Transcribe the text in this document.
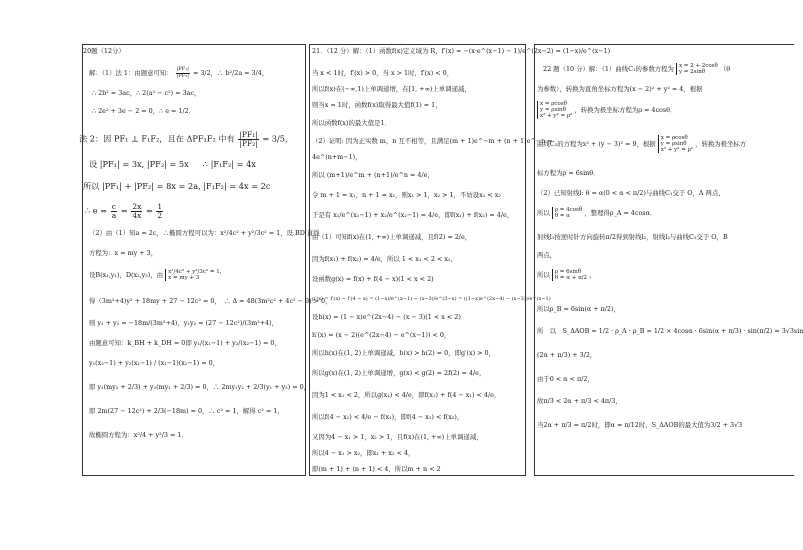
20题（12分）
解：（1）法 1：由题意可知： $\frac{\text{|PF₁|}}{\text{|PF₂|}} = 3/2$，∴ b²/2a = 3/4，
∴ 2b² = 3ac，∴ 2(a² − c²) = 3ac，
∴ 2e² + 3e − 2 = 0，∴ e = 1/2．
法 2：因 PF₁ ⊥ F₁F₂，且在 ΔPF₁F₂ 中有 $\frac{\text{|PF₁|}}{\text{|PF₂|}} = 3/5$，
设 |PF₁| = 3x, |PF₂| = 5x ∴ |F₁F₂| = 4x
所以 |PF₁| + |PF₂| = 8x = 2a, |F₁F₂| = 4x = 2c
∴ $e = \frac{c}{a} = \frac{2x}{4x} = \frac{1}{2}$
（2）由（1）知a = 2c，∴椭圆方程可以为：x²/4c² + y²/3c² = 1，设 BD 直线
方程为：x = my + 3，
设B(x₁,y₁)，D(x₂,y₂)，由 x²/4c² + y²/3c² = 1，
x = my + 3
得（3m²+4)y² + 18my + 27 − 12c² = 0，　∴ Δ = 48(3m²c² + 4c² − 9) > 0，
则 y₁ + y₂ = −18m/(3m²+4)，y₁y₂ = (27 − 12c²)/(3m²+4)，
由题意可知：k_BH + k_DH = 0即 y₁/(x₁−1) + y₂/(x₂−1) = 0，
y₁(x₂−1) + y₂(x₁−1) / (x₁−1)(x₂−1) = 0，
即 y₁(my₂ + 2/3) + y₂(my₁ + 2/3) = 0，∴ 2my₁y₂ + 2/3(y₁ + y₂) = 0，
即 2m(27 − 12c²) + 2/3(−18m) = 0，∴ c² = 1，解得 c² = 1，
故椭圆方程为：x²/4 + y²/3 = 1．
21．（12 分）解：（1）函数f(x)定义域为 R，f′(x) = −(x·e^(x−1) − 1)/e^(2x−2) = (1−x)/e^(x−1)
当 x < 1时，f′(x) > 0，当 x > 1时，f′(x) < 0，
所以f(x)在(−∞,1)上单调递增，在[1, +∞)上单调递减，
则当x = 1时，函数f(x)取得最大值f(1) = 1，
所以函数f(x)的最大值是1．
（2）证明: 因为正实数 m，n 互不相等，且满足(m + 1)e^−m + (n + 1)e^−n =
4e^(n+m−1)，
所以 (m+1)/e^m + (n+1)/e^n = 4/e，
令 m + 1 = x₁，n + 1 = x₂，则x₁ > 1，x₂ > 1，不妨设x₁ < x₂
于是有 x₁/e^(x₁−1) + x₂/e^(x₂−1) = 4/e，即f(x₁) + f(x₂) = 4/e，
由（1）可知f(x)在(1, +∞)上单调递减，且f(2) = 2/e，
因为f(x₁) + f(x₂) = 4/e，所以 1 < x₁ < 2 < x₂，
设函数g(x) = f(x) + f(4 − x)(1 < x < 2)
g′(x) = f′(x) − f′(4 − x) = (1−x)/e^(x−1) − (x−3)/e^(3−x) = ((1−x)e^(2x−4) − (x−3))/e^(x−1)
设h(x) = (1 − x)e^(2x−4) − (x − 3)(1 < x < 2)
h′(x) = (x − 2)(e^(2x−4) − e^(x−1)) < 0，
所以h(x)在(1, 2)上单调递减，h(x) > h(2) = 0，即g′(x) > 0，
所以g(x)在(1, 2)上单调递增，g(x) < g(2) = 2f(2) = 4/e，
因为1 < x₁ < 2，所以g(x₁) < 4/e，即f(x₁) + f(4 − x₁) < 4/e，
所以f(4 − x₁) < 4/e − f(x₁)，即f(4 − x₁) < f(x₂)，
又因为4 − x₁ > 1，x₂ > 1，且f(x)在(1, +∞)上单调递减，
所以4 − x₁ > x₂，即x₁ + x₂ < 4，
即(m + 1) + (n + 1) < 4，所以m + n < 2
22 题（10 分）解：（1）曲线C₁的参数方程为 x = 2 + 2cosθ
y = 2sinθ	（θ
为参数），转换为直角坐标方程为(x − 2)² + y² = 4，根据
x = ρcosθ
y = ρsinθ
x² + y² = ρ²
，转换为极坐标方程为ρ = 4cosθ．
曲线C₂的方程为x² + (y − 3)² = 9，根据
x = ρcosθ
y = ρsinθ
x² + y² = ρ²
，转换为极坐标方
标方程为ρ = 6sinθ．
（2）已知射线l: θ = α(0 < α < π/2)与曲线C₁交于 O，A 两点，
所以 ρ = 4cosθ
θ = α	，整理得ρ_A = 4cosα．
射线l₁按逆时针方向旋转π/2得到射线l₂，射线l₂与曲线C₂交于 O，B
两点，
所以 ρ = 6sinθ
θ = α + π/2 ，
所以ρ_B = 6sin(α + π/2)，
所　以　S_ΔAOB = 1/2 · ρ_A · ρ_B = 1/2 × 4cosα · 6sin(α + π/3) · sin(π/2) = 3√3sin
(2α + π/3) + 3/2，
由于0 < α < π/2，
故π/3 < 2α + π/3 < 4π/3，
当2α + π/3 = π/2时，即α = π/12时，S_ΔAOB的最大值为3/2 + 3√3
